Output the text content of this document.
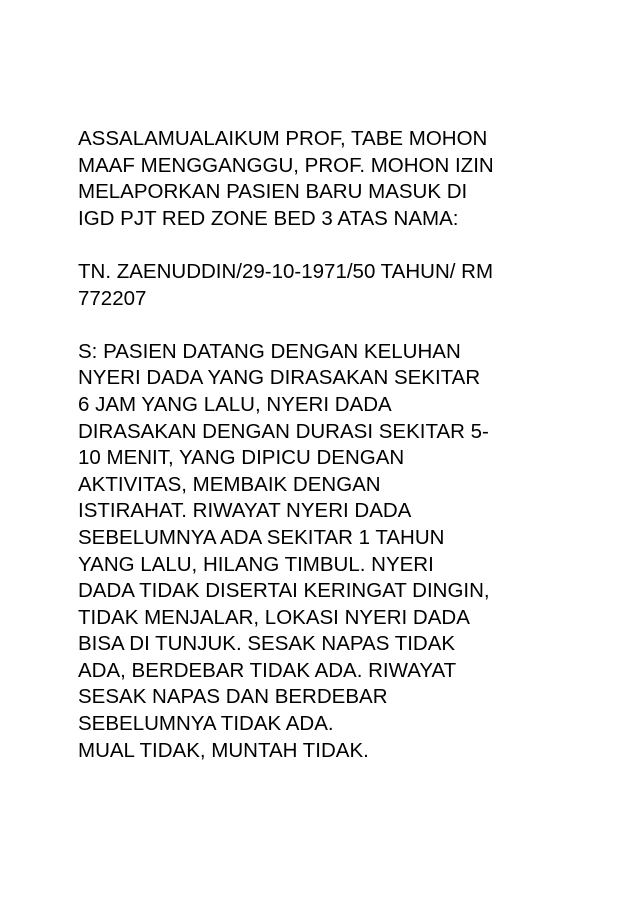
ASSALAMUALAIKUM PROF, TABE MOHON
MAAF MENGGANGGU, PROF. MOHON IZIN
MELAPORKAN PASIEN BARU MASUK DI
IGD PJT RED ZONE BED 3 ATAS NAMA:

TN. ZAENUDDIN/29-10-1971/50 TAHUN/ RM
772207

S: PASIEN DATANG DENGAN KELUHAN
NYERI DADA YANG DIRASAKAN SEKITAR
6 JAM YANG LALU, NYERI DADA
DIRASAKAN DENGAN DURASI SEKITAR 5-
10 MENIT, YANG DIPICU DENGAN
AKTIVITAS, MEMBAIK DENGAN
ISTIRAHAT. RIWAYAT NYERI DADA
SEBELUMNYA ADA SEKITAR 1 TAHUN
YANG LALU, HILANG TIMBUL. NYERI
DADA TIDAK DISERTAI KERINGAT DINGIN,
TIDAK MENJALAR, LOKASI NYERI DADA
BISA DI TUNJUK. SESAK NAPAS TIDAK
ADA, BERDEBAR TIDAK ADA. RIWAYAT
SESAK NAPAS DAN BERDEBAR
SEBELUMNYA TIDAK ADA.
MUAL TIDAK, MUNTAH TIDAK.
